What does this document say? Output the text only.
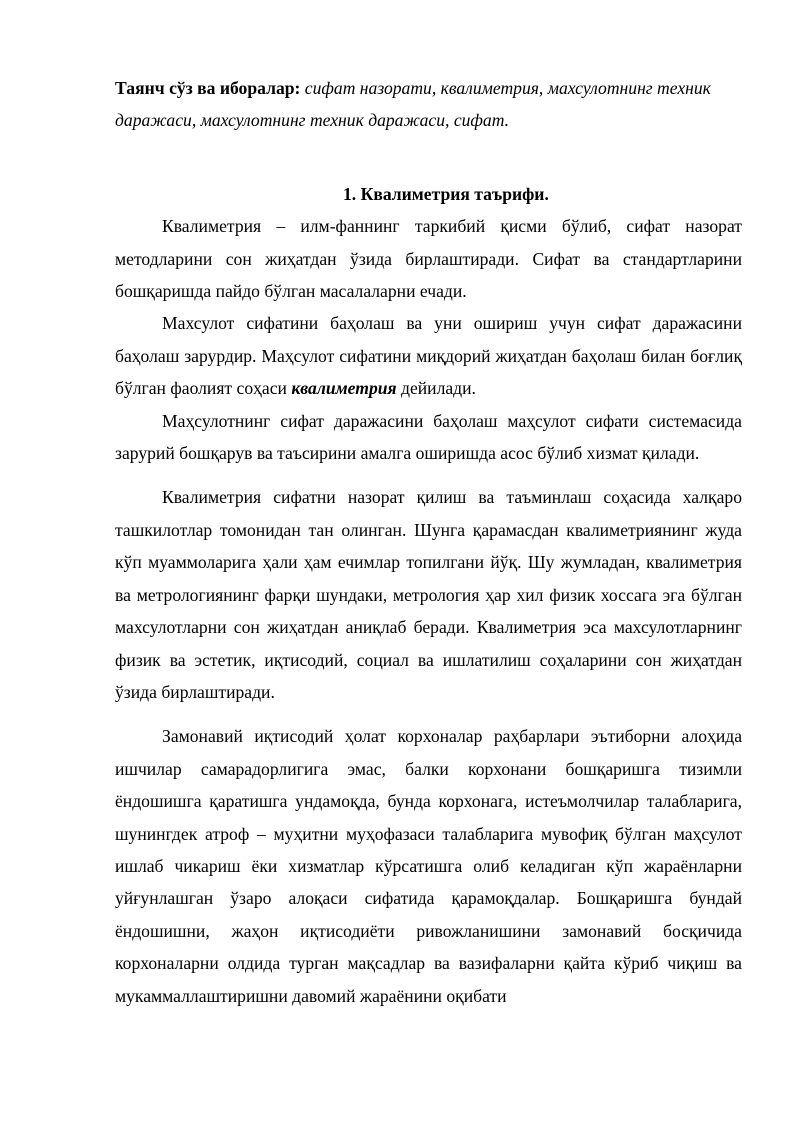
Таянч сўз ва иборалар: сифат назорати, квалиметрия, махсулотнинг техник даражаси, махсулотнинг техник даражаси, сифат.

1. Квалиметрия таърифи.

Квалиметрия – илм-фаннинг таркибий қисми бўлиб, сифат назорат методларини сон жиҳатдан ўзида бирлаштиради. Сифат ва стандартларини бошқаришда пайдо бўлган масалаларни ечади.

Махсулот сифатини баҳолаш ва уни ошириш учун сифат даражасини баҳолаш зарурдир. Маҳсулот сифатини миқдорий жиҳатдан баҳолаш билан боғлиқ бўлган фаолият соҳаси квалиметрия дейилади.

Маҳсулотнинг сифат даражасини баҳолаш маҳсулот сифати системасида зарурий бошқарув ва таъсирини амалга оширишда асос бўлиб хизмат қилади.

Квалиметрия сифатни назорат қилиш ва таъминлаш соҳасида халқаро ташкилотлар томонидан тан олинган. Шунга қарамасдан квалиметриянинг жуда кўп муаммоларига ҳали ҳам ечимлар топилгани йўқ. Шу жумладан, квалиметрия ва метрологиянинг фарқи шундаки, метрология ҳар хил физик хоссага эга бўлган махсулотларни сон жиҳатдан аниқлаб беради. Квалиметрия эса махсулотларнинг физик ва эстетик, иқтисодий, социал ва ишлатилиш соҳаларини сон жиҳатдан ўзида бирлаштиради.

Замонавий иқтисодий ҳолат корхоналар раҳбарлари эътиборни алоҳида ишчилар самарадорлигига эмас, балки корхонани бошқаришга тизимли ёндошишга қаратишга ундамоқда, бунда корхонага, истеъмолчилар талабларига, шунингдек атроф – муҳитни муҳофазаси талабларига мувофиқ бўлган маҳсулот ишлаб чикариш ёки хизматлар кўрсатишга олиб келадиган кўп жараёнларни уйғунлашган ўзаро алоқаси сифатида қарамоқдалар. Бошқаришга бундай ёндошишни, жаҳон иқтисодиёти ривожланишини замонавий босқичида корхоналарни олдида турган мақсадлар ва вазифаларни қайта кўриб чиқиш ва мукаммаллаштиришни давомий жараёнини оқибати
